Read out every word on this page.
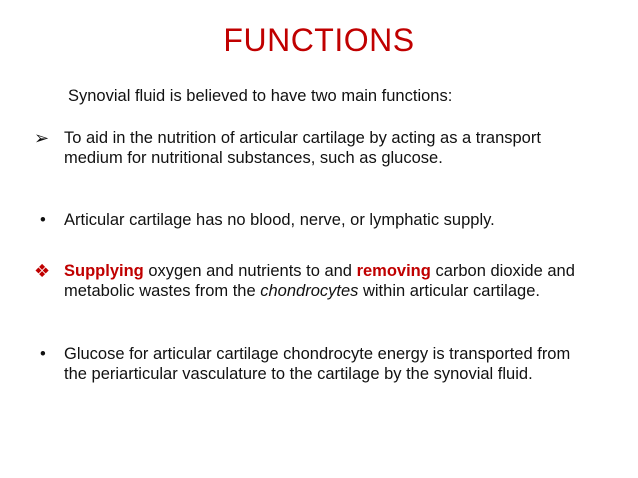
FUNCTIONS
Synovial fluid is believed to have two main functions:
➢ To aid in the nutrition of articular cartilage by acting as a transport medium for nutritional substances, such as glucose.
•	Articular cartilage has no blood, nerve, or lymphatic supply.
❖ Supplying oxygen and nutrients to and removing carbon dioxide and metabolic wastes from the chondrocytes within articular cartilage.
•	Glucose for articular cartilage chondrocyte energy is transported from the periarticular vasculature to the cartilage by the synovial fluid.
